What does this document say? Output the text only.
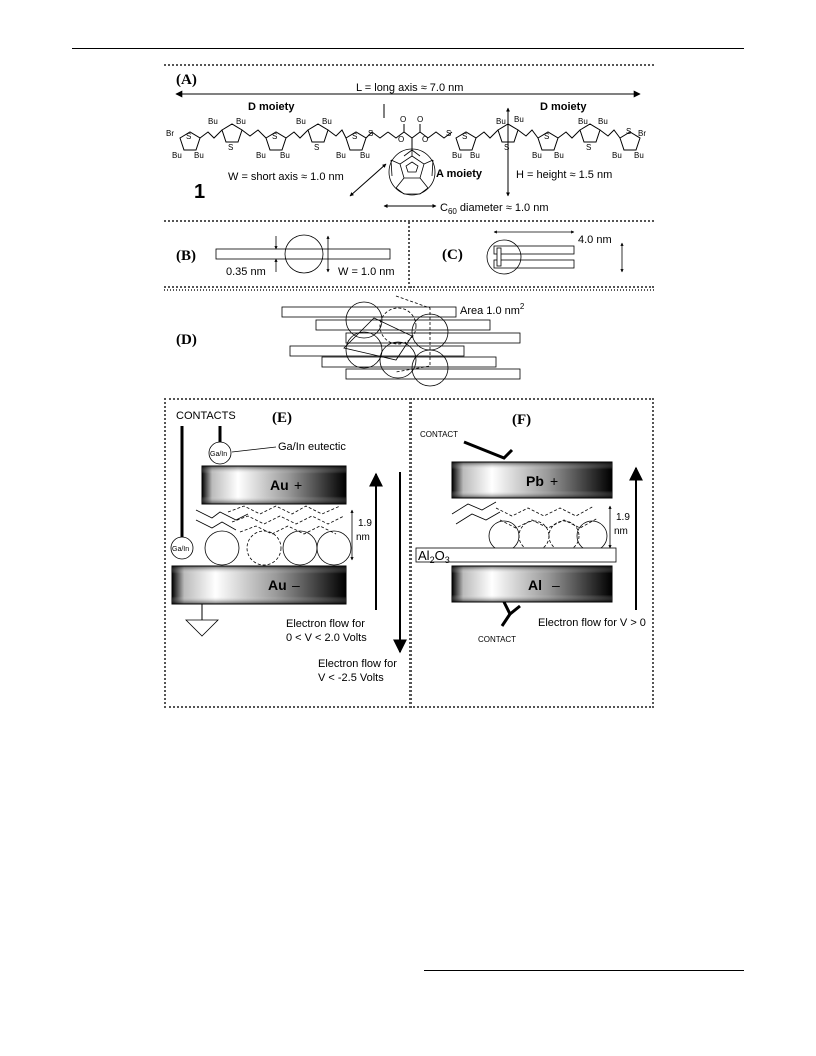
(A)	L = long axis ≈ 7.0 nm
D moiety	D moiety
Br S
Bu Bu
Bu Bu
S
S
Bu Bu
Bu Bu
S
S S
Bu Bu
O O
O O
S S
Bu Bu
Bu Bu
S
S
Bu Bu
Bu Bu
S
S Br
Bu Bu
A moiety	H = height ≈ 1.5 nm
W = short axis ≈ 1.0 nm
1
$C_{60}$ diameter ≈ 1.0 nm
(B)
0.35 nm	W = 1.0 nm
(C)
4.0 nm
(D)
Area 1.0 $nm^2$
(E)
CONTACTS
Ga/In
Ga/In eutectic
Au +
Ga/In
Au –
1.9
nm
Electron flow for
0 < V < 2.0 Volts
Electron flow for
V < -2.5 Volts
(F)
CONTACT
Pb +
$Al_2O_3$
Al –
CONTACT
1.9
nm
Electron flow for V > 0
